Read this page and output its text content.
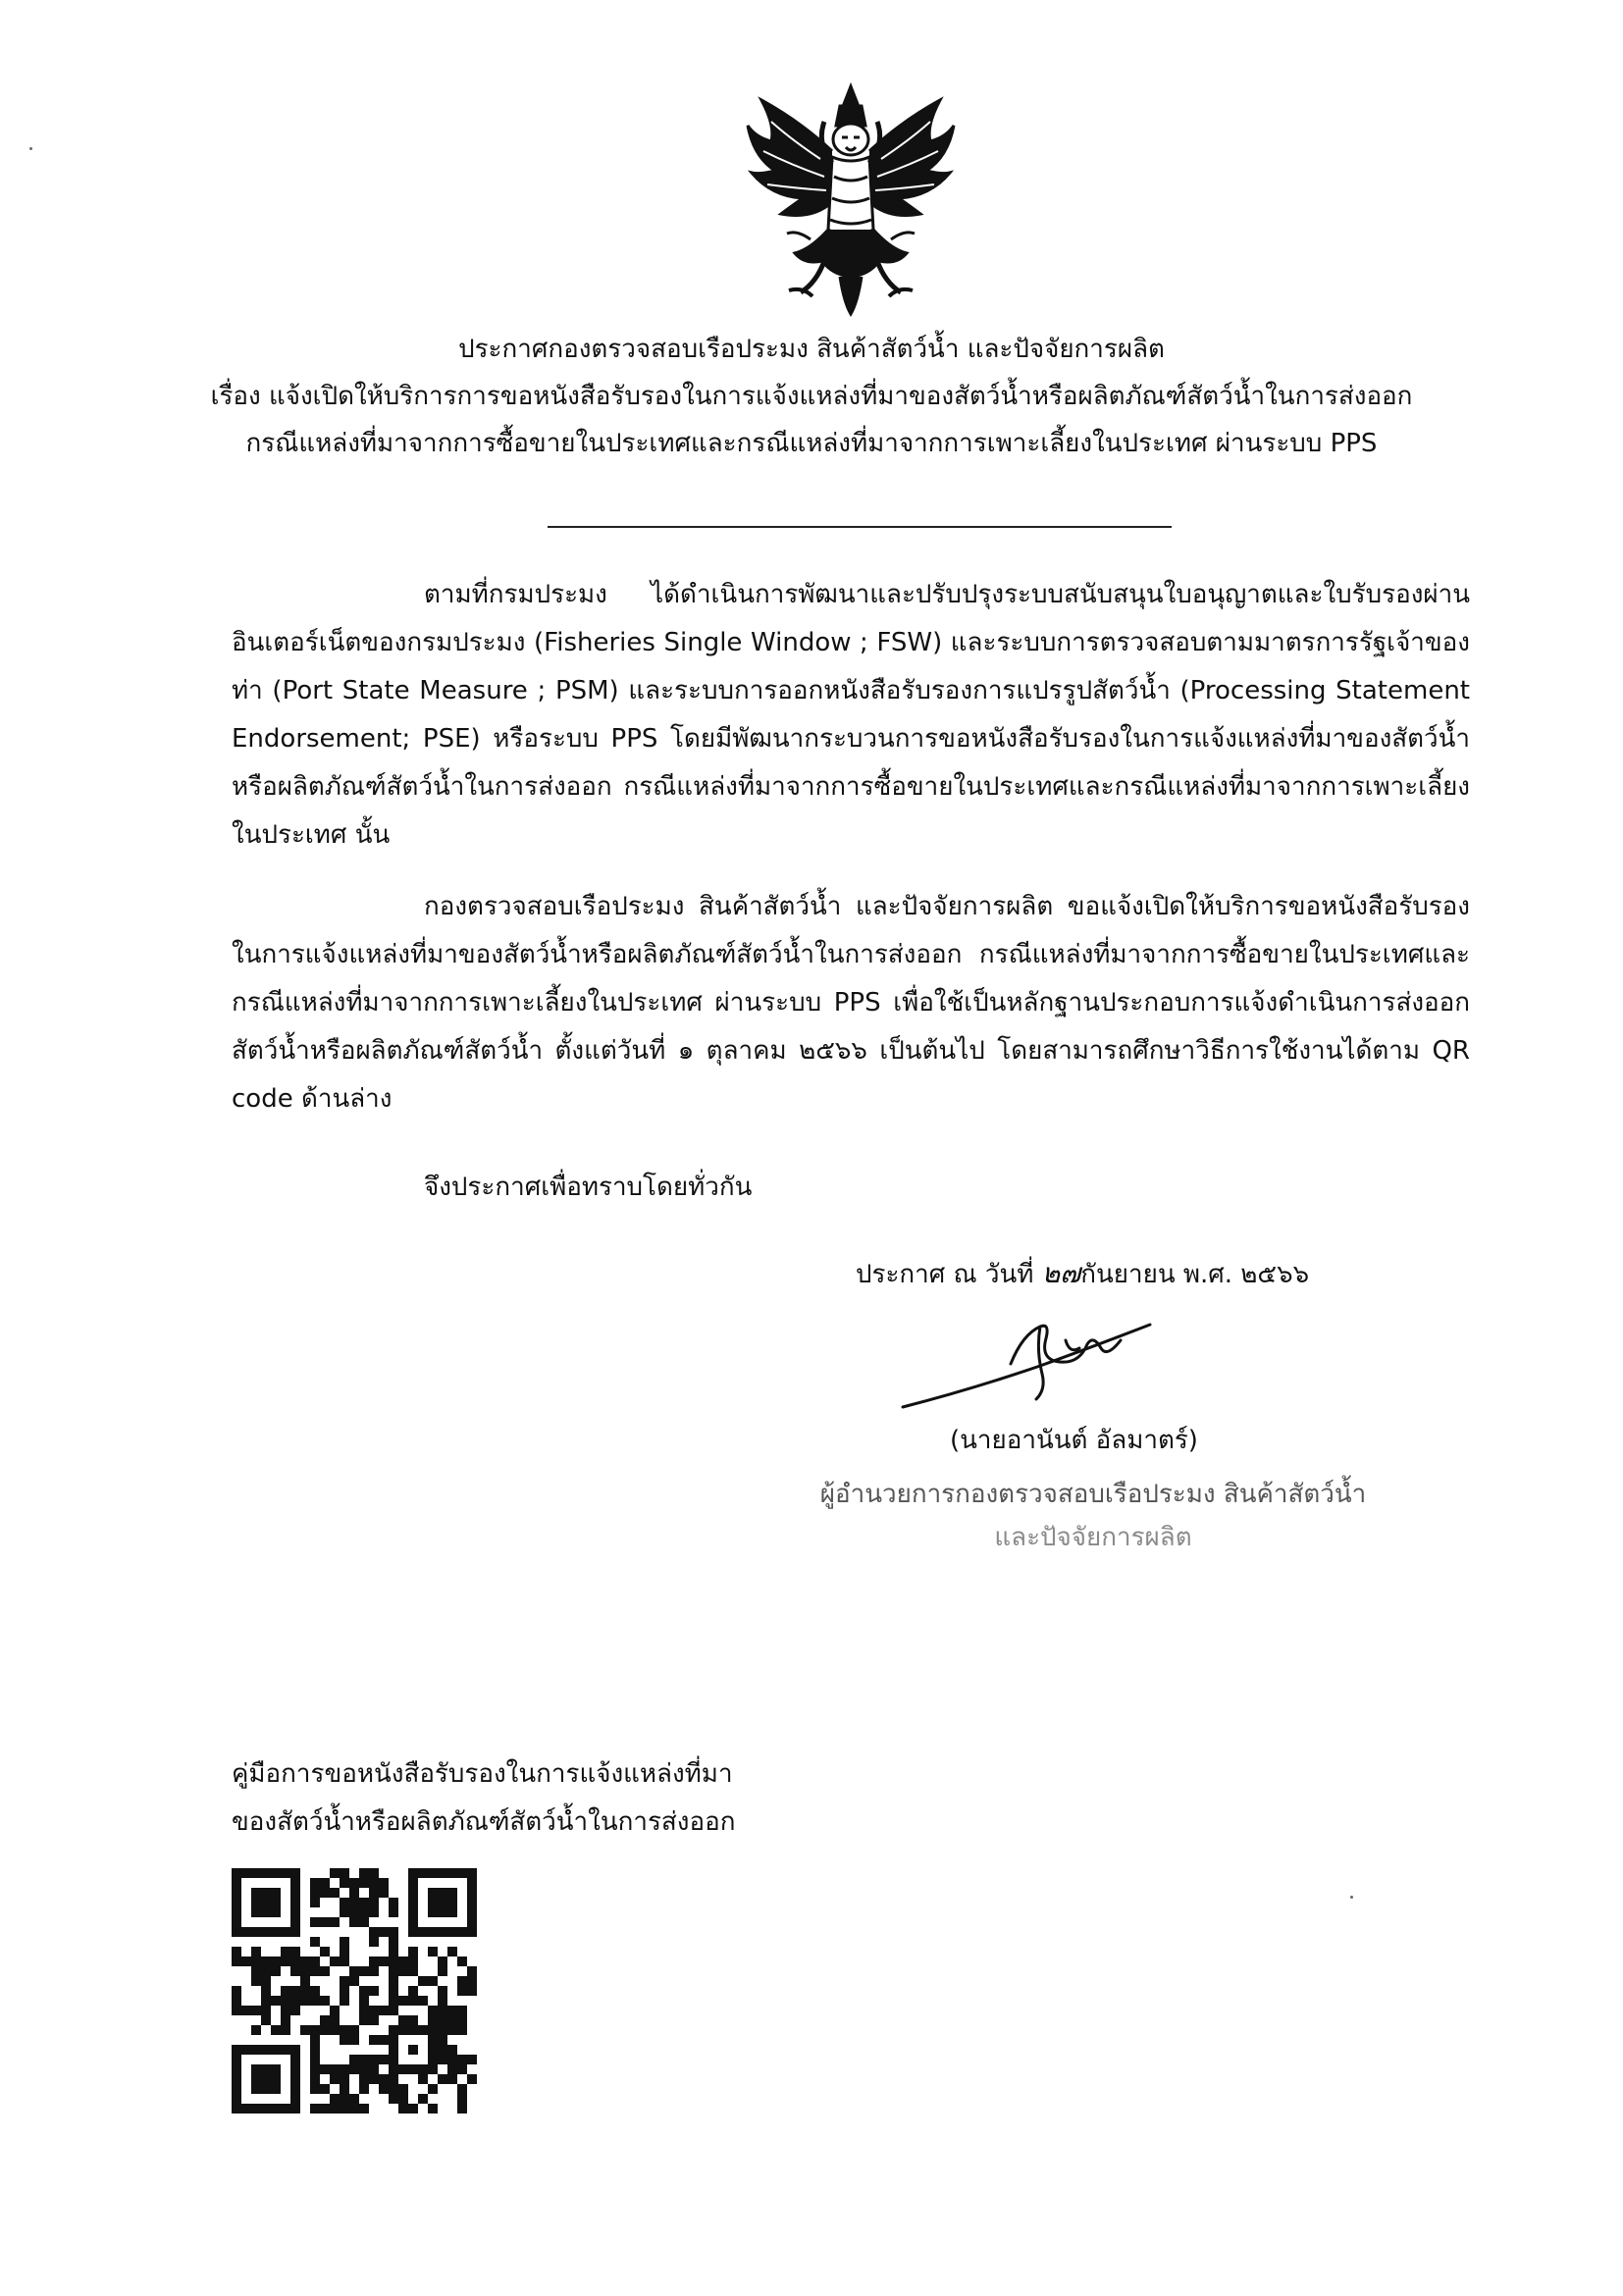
ประกาศกองตรวจสอบเรือประมง สินค้าสัตว์น้ำ และปัจจัยการผลิต
เรื่อง แจ้งเปิดให้บริการการขอหนังสือรับรองในการแจ้งแหล่งที่มาของสัตว์น้ำหรือผลิตภัณฑ์สัตว์น้ำในการส่งออก
กรณีแหล่งที่มาจากการซื้อขายในประเทศและกรณีแหล่งที่มาจากการเพาะเลี้ยงในประเทศ ผ่านระบบ PPS
ตามที่กรมประมง ได้ดำเนินการพัฒนาและปรับปรุงระบบสนับสนุนใบอนุญาตและใบรับรองผ่านอินเตอร์เน็ตของกรมประมง (Fisheries Single Window ; FSW) และระบบการตรวจสอบตามมาตรการรัฐเจ้าของท่า (Port State Measure ; PSM) และระบบการออกหนังสือรับรองการแปรรูปสัตว์น้ำ (Processing Statement Endorsement; PSE) หรือระบบ PPS โดยมีพัฒนากระบวนการขอหนังสือรับรองในการแจ้งแหล่งที่มาของสัตว์น้ำหรือผลิตภัณฑ์สัตว์น้ำในการส่งออก กรณีแหล่งที่มาจากการซื้อขายในประเทศและกรณีแหล่งที่มาจากการเพาะเลี้ยงในประเทศ นั้น
กองตรวจสอบเรือประมง สินค้าสัตว์น้ำ และปัจจัยการผลิต ขอแจ้งเปิดให้บริการขอหนังสือรับรองในการแจ้งแหล่งที่มาของสัตว์น้ำหรือผลิตภัณฑ์สัตว์น้ำในการส่งออก กรณีแหล่งที่มาจากการซื้อขายในประเทศและกรณีแหล่งที่มาจากการเพาะเลี้ยงในประเทศ ผ่านระบบ PPS เพื่อใช้เป็นหลักฐานประกอบการแจ้งดำเนินการส่งออกสัตว์น้ำหรือผลิตภัณฑ์สัตว์น้ำ ตั้งแต่วันที่ ๑ ตุลาคม ๒๕๖๖ เป็นต้นไป โดยสามารถศึกษาวิธีการใช้งานได้ตาม QR code ด้านล่าง
จึงประกาศเพื่อทราบโดยทั่วกัน
ประกาศ ณ วันที่ ๒๗กันยายน พ.ศ. ๒๕๖๖
(นายอานันต์ อัลมาตร์)
ผู้อำนวยการกองตรวจสอบเรือประมง สินค้าสัตว์น้ำ
และปัจจัยการผลิต
คู่มือการขอหนังสือรับรองในการแจ้งแหล่งที่มา
ของสัตว์น้ำหรือผลิตภัณฑ์สัตว์น้ำในการส่งออก
